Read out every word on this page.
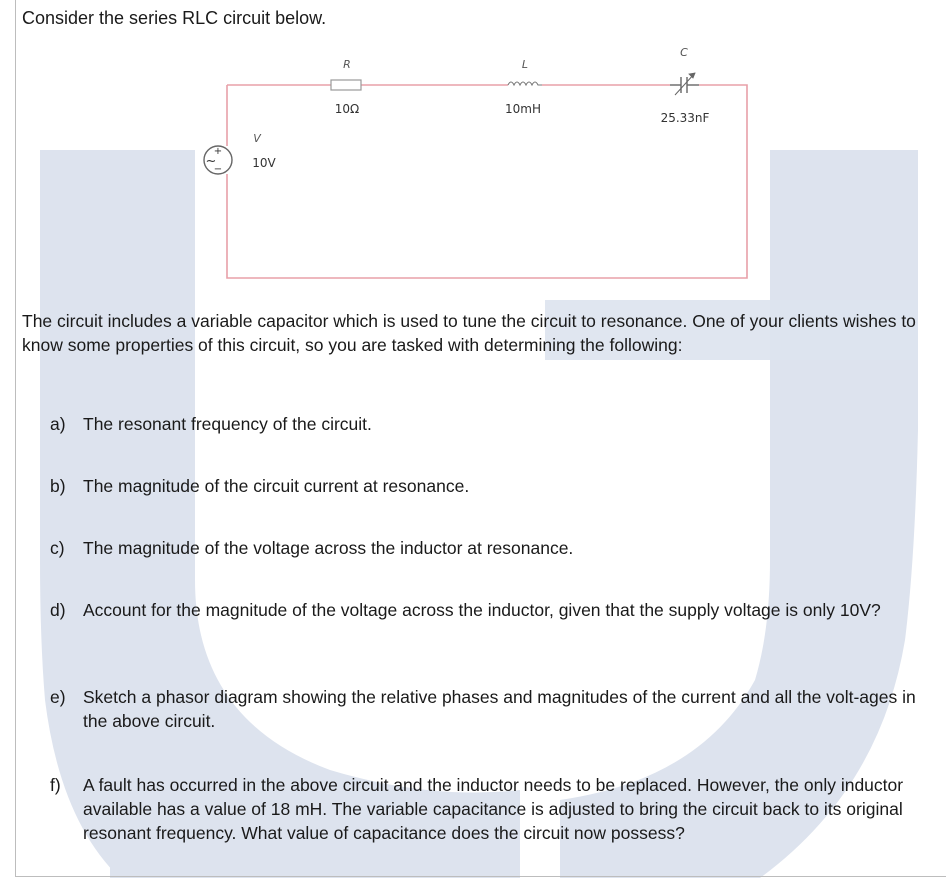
Consider the series RLC circuit below.

R
10Ω
L
10mH
C
25.33nF
+
~
−
V
10V

The circuit includes a variable capacitor which is used to tune the circuit to resonance. One of your clients wishes to know some properties of this circuit, so you are tasked with determining the following:

a) The resonant frequency of the circuit.
b) The magnitude of the circuit current at resonance.
c)	The magnitude of the voltage across the inductor at resonance.
d) Account for the magnitude of the voltage across the inductor, given that the supply voltage is only 10V?
e) Sketch a phasor diagram showing the relative phases and magnitudes of the current and all the volt-ages in the above circuit.
f)	A fault has occurred in the above circuit and the inductor needs to be replaced. However, the only inductor available has a value of 18 mH. The variable capacitance is adjusted to bring the circuit back to its original resonant frequency. What value of capacitance does the circuit now possess?
